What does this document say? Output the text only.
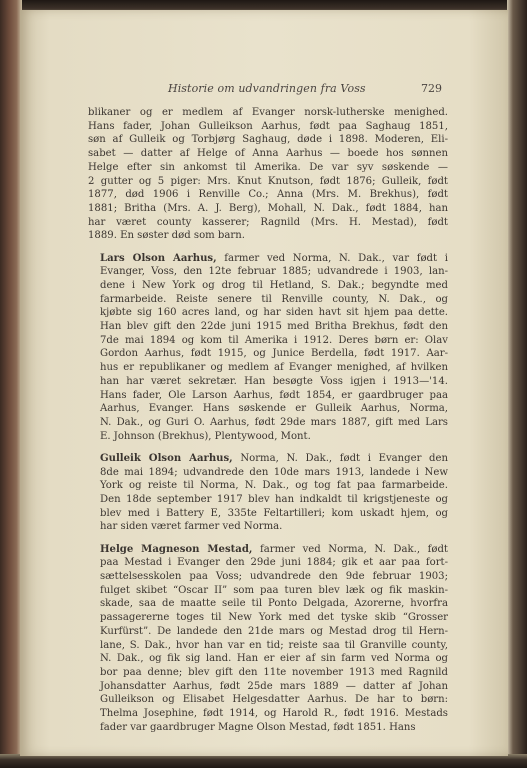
Historie om udvandringen fra Voss	729
blikaner og er medlem af Evanger norsk-lutherske menighed.
Hans fader, Johan Gulleikson Aarhus, født paa Saghaug 1851,
søn af Gulleik og Torbjørg Saghaug, døde i 1898. Moderen, Eli-
sabet — datter af Helge of Anna Aarhus — boede hos sønnen
Helge efter sin ankomst til Amerika. De var syv søskende —
2 gutter og 5 piger: Mrs. Knut Knutson, født 1876; Gulleik, født
1877, død 1906 i Renville Co.; Anna (Mrs. M. Brekhus), født
1881; Britha (Mrs. A. J. Berg), Mohall, N. Dak., født 1884, han
har været county kasserer; Ragnild (Mrs. H. Mestad), født
1889. En søster død som barn.
Lars Olson Aarhus, farmer ved Norma, N. Dak., var født i
Evanger, Voss, den 12te februar 1885; udvandrede i 1903, lan-
dene i New York og drog til Hetland, S. Dak.; begyndte med
farmarbeide. Reiste senere til Renville county, N. Dak., og
kjøbte sig 160 acres land, og har siden havt sit hjem paa dette.
Han blev gift den 22de juni 1915 med Britha Brekhus, født den
7de mai 1894 og kom til Amerika i 1912. Deres børn er: Olav
Gordon Aarhus, født 1915, og Junice Berdella, født 1917. Aar-
hus er republikaner og medlem af Evanger menighed, af hvilken
han har været sekretær. Han besøgte Voss igjen i 1913—'14.
Hans fader, Ole Larson Aarhus, født 1854, er gaardbruger paa
Aarhus, Evanger. Hans søskende er Gulleik Aarhus, Norma,
N. Dak., og Guri O. Aarhus, født 29de mars 1887, gift med Lars
E. Johnson (Brekhus), Plentywood, Mont.
Gulleik Olson Aarhus, Norma, N. Dak., født i Evanger den
8de mai 1894; udvandrede den 10de mars 1913, landede i New
York og reiste til Norma, N. Dak., og tog fat paa farmarbeide.
Den 18de september 1917 blev han indkaldt til krigstjeneste og
blev med i Battery E, 335te Feltartilleri; kom uskadt hjem, og
har siden været farmer ved Norma.
Helge Magneson Mestad, farmer ved Norma, N. Dak., født
paa Mestad i Evanger den 29de juni 1884; gik et aar paa fort-
sættelsesskolen paa Voss; udvandrede den 9de februar 1903;
fulget skibet “Oscar II” som paa turen blev læk og fik maskin-
skade, saa de maatte seile til Ponto Delgada, Azorerne, hvorfra
passagererne toges til New York med det tyske skib “Grosser
Kurfürst”. De landede den 21de mars og Mestad drog til Hern-
lane, S. Dak., hvor han var en tid; reiste saa til Granville county,
N. Dak., og fik sig land. Han er eier af sin farm ved Norma og
bor paa denne; blev gift den 11te november 1913 med Ragnild
Johansdatter Aarhus, født 25de mars 1889 — datter af Johan
Gulleikson og Elisabet Helgesdatter Aarhus. De har to børn:
Thelma Josephine, født 1914, og Harold R., født 1916. Mestads
fader var gaardbruger Magne Olson Mestad, født 1851. Hans
